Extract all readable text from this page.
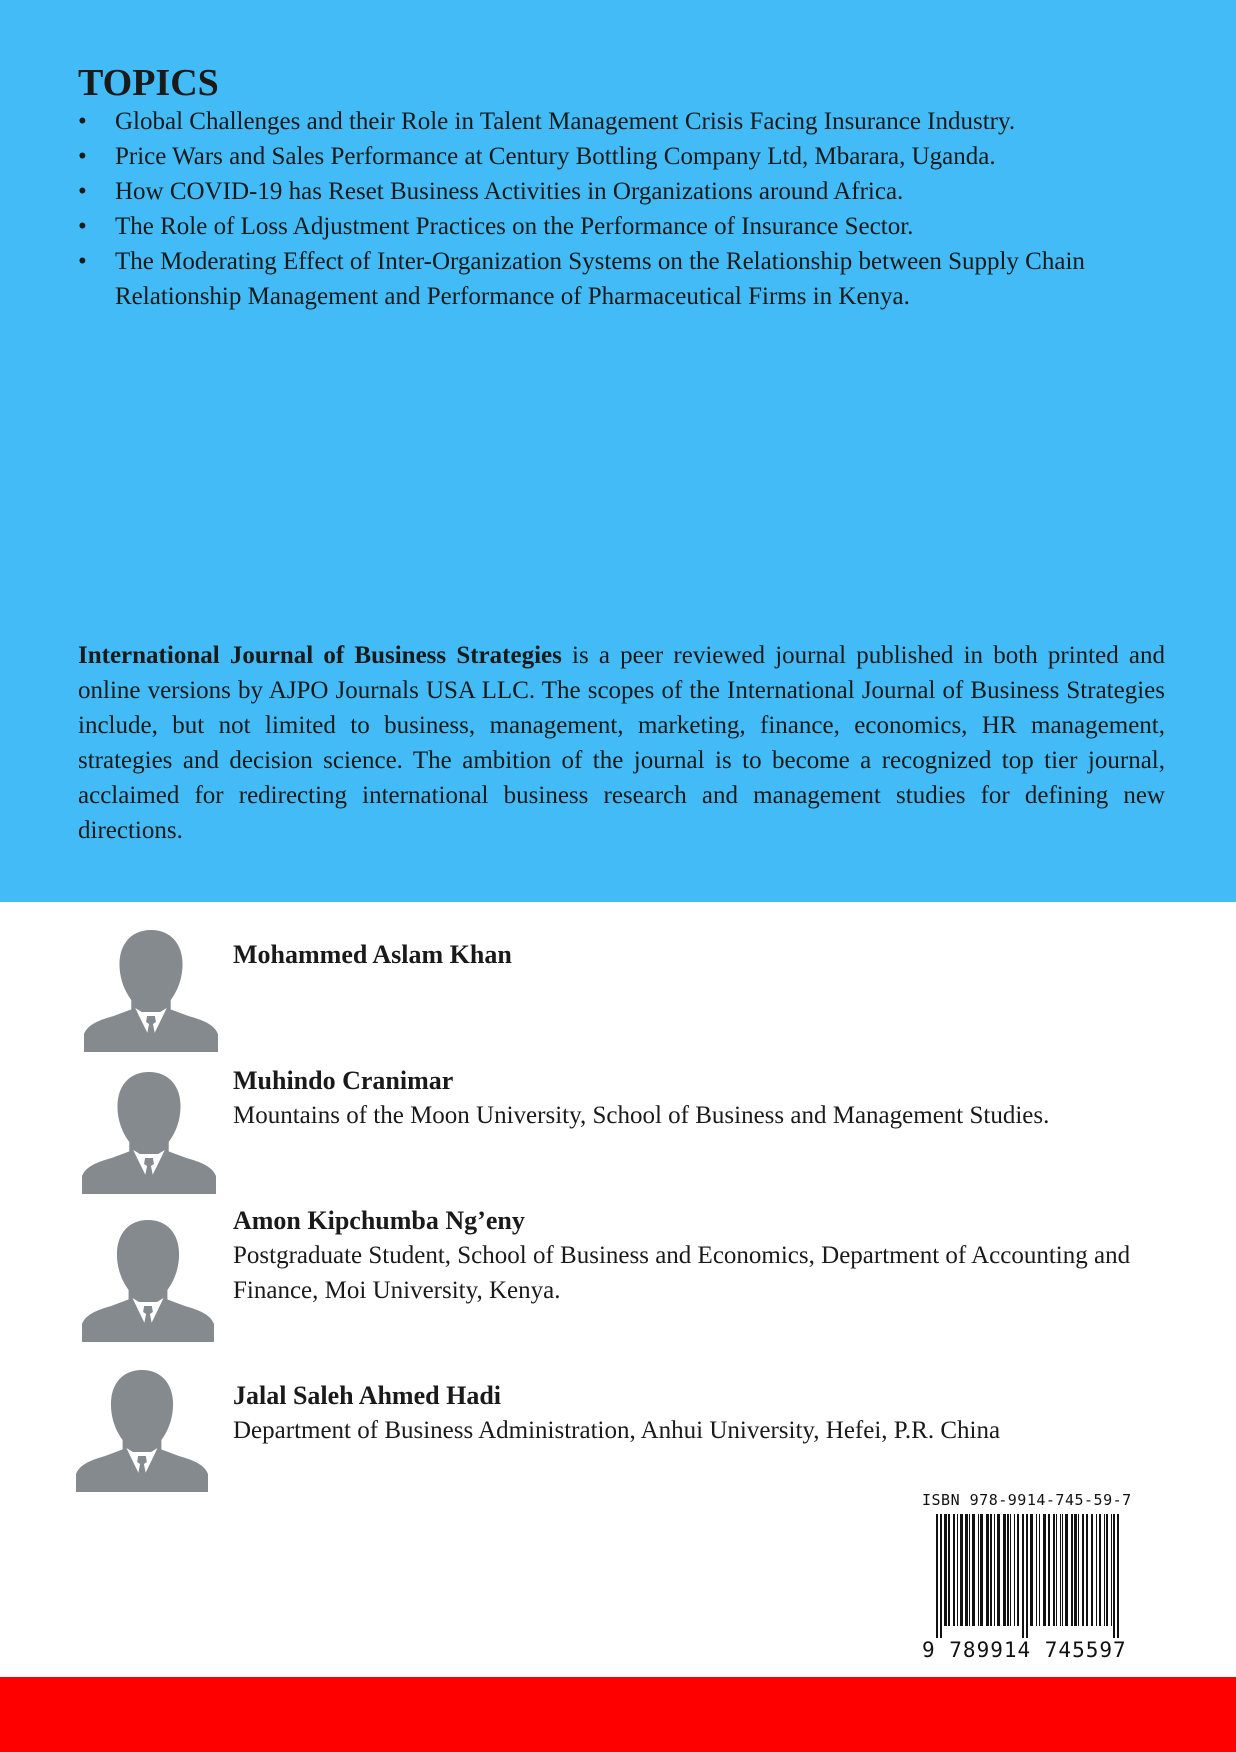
TOPICS
• Global Challenges and their Role in Talent Management Crisis Facing Insurance Industry.
• Price Wars and Sales Performance at Century Bottling Company Ltd, Mbarara, Uganda.
• How COVID-19 has Reset Business Activities in Organizations around Africa.
• The Role of Loss Adjustment Practices on the Performance of Insurance Sector.
• The Moderating Effect of Inter-Organization Systems on the Relationship between Supply Chain Relationship Management and Performance of Pharmaceutical Firms in Kenya.

International Journal of Business Strategies is a peer reviewed journal published in both printed and online versions by AJPO Journals USA LLC. The scopes of the International Journal of Business Strategies include, but not limited to business, management, marketing, finance, economics, HR management, strategies and decision science. The ambition of the journal is to become a recognized top tier journal, acclaimed for redirecting international business research and management studies for defining new directions.

Mohammed Aslam Khan

Muhindo Cranimar

Mountains of the Moon University, School of Business and Management Studies.

Amon Kipchumba Ng’eny

Postgraduate Student, School of Business and Economics, Department of Accounting and Finance, Moi University, Kenya.

Jalal Saleh Ahmed Hadi

Department of Business Administration, Anhui University, Hefei, P.R. China

ISBN 978-9914-745-59-7
9 789914 745597
